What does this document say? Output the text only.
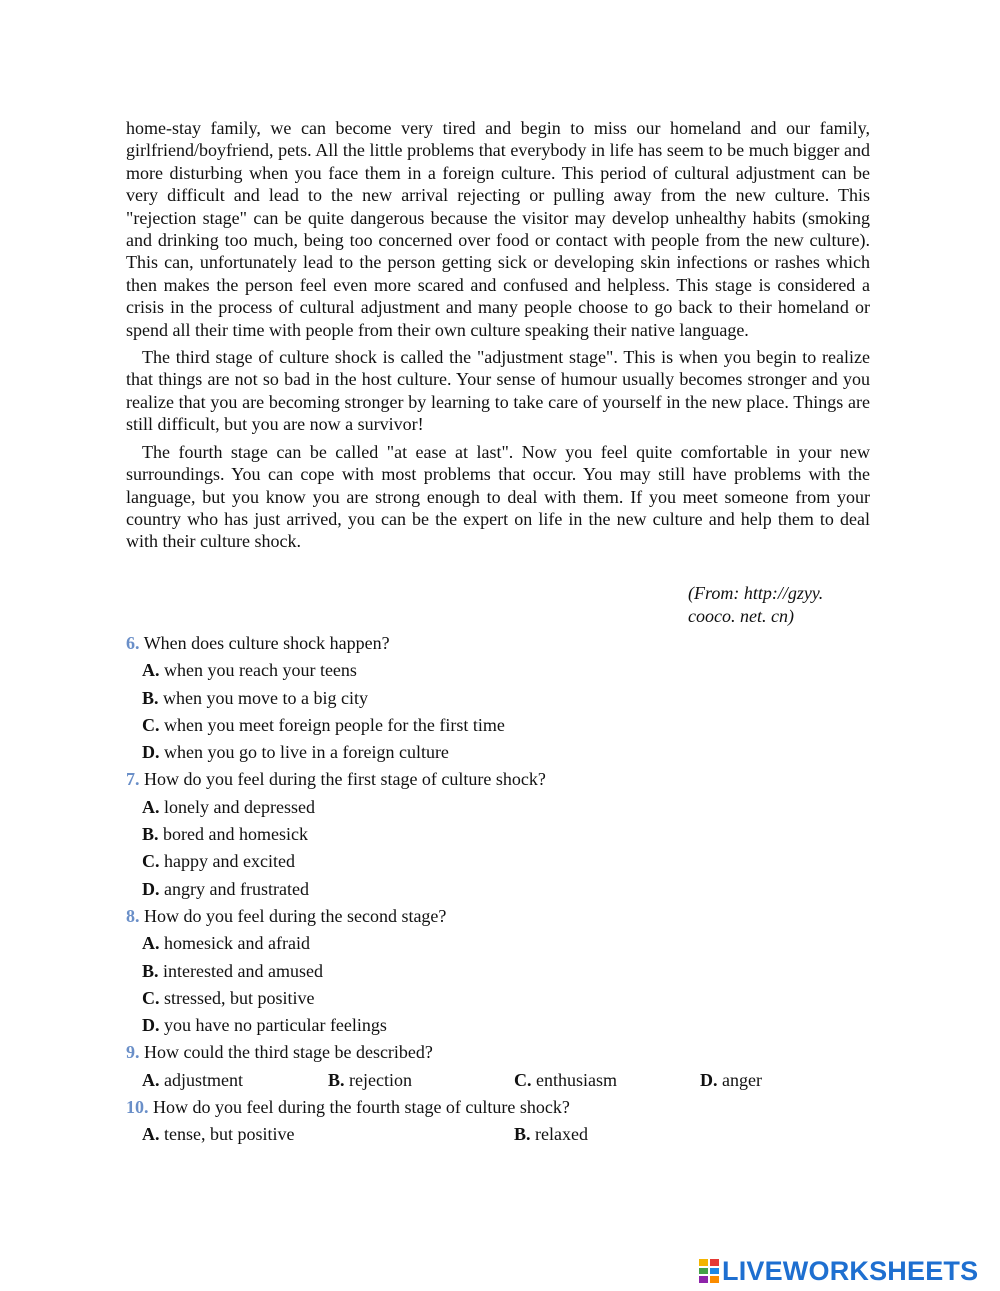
home-stay family, we can become very tired and begin to miss our homeland and our family, girlfriend/boyfriend, pets. All the little problems that everybody in life has seem to be much bigger and more disturbing when you face them in a foreign culture. This period of cultural adjustment can be very difficult and lead to the new arrival rejecting or pulling away from the new culture. This "rejection stage" can be quite dangerous because the visitor may develop unhealthy habits (smoking and drinking too much, being too concerned over food or contact with people from the new culture). This can, unfortunately lead to the person getting sick or developing skin infections or rashes which then makes the person feel even more scared and confused and helpless. This stage is considered a crisis in the process of cultural adjustment and many people choose to go back to their homeland or spend all their time with people from their own culture speaking their native language.

The third stage of culture shock is called the "adjustment stage". This is when you begin to realize that things are not so bad in the host culture. Your sense of humour usually becomes stronger and you realize that you are becoming stronger by learning to take care of yourself in the new place. Things are still difficult, but you are now a survivor!

The fourth stage can be called "at ease at last". Now you feel quite comfortable in your new surroundings. You can cope with most problems that occur. You may still have problems with the language, but you know you are strong enough to deal with them. If you meet someone from your country who has just arrived, you can be the expert on life in the new culture and help them to deal with their culture shock.

(From: http://gzyy.
cooco. net. cn)
6. When does culture shock happen?
A. when you reach your teens
B. when you move to a big city
C. when you meet foreign people for the first time
D. when you go to live in a foreign culture
7. How do you feel during the first stage of culture shock?
A. lonely and depressed
B. bored and homesick
C. happy and excited
D. angry and frustrated
8. How do you feel during the second stage?
A. homesick and afraid
B. interested and amused
C. stressed, but positive
D. you have no particular feelings
9. How could the third stage be described?
A. adjustment	B. rejection	C. enthusiasm	D. anger
10. How do you feel during the fourth stage of culture shock?
A. tense, but positive	B. relaxed
LIVEWORKSHEETS
